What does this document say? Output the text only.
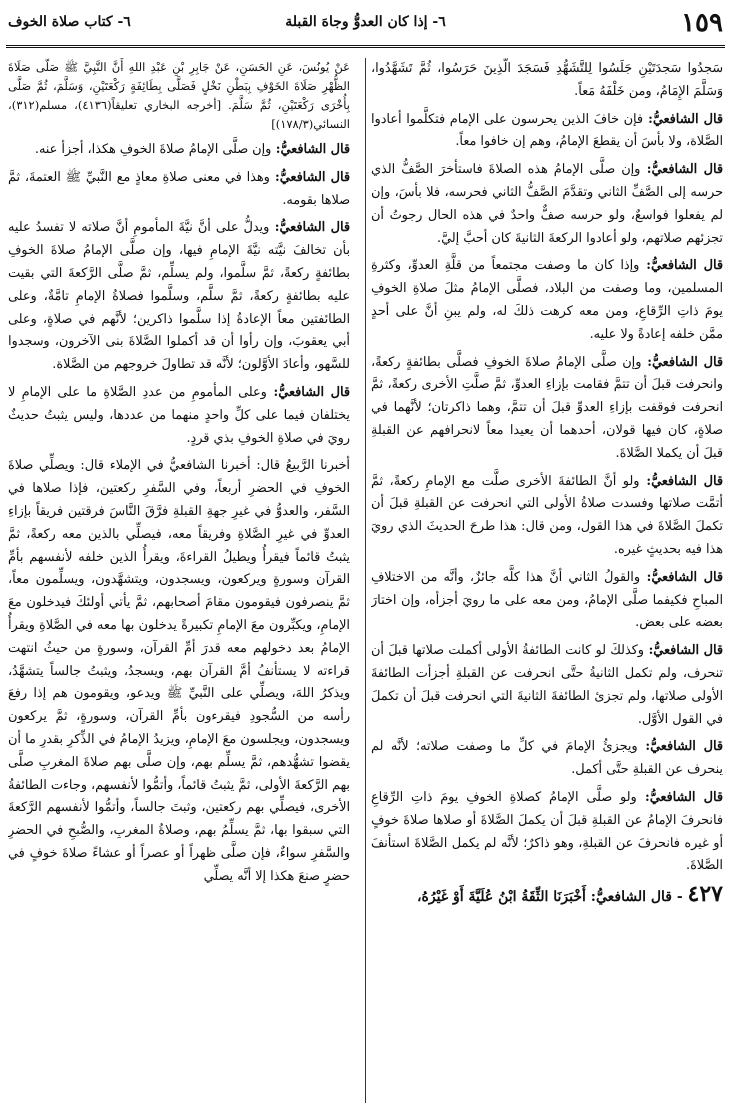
١٥٩
٦- إذا كان العدوُّ وجاهَ القبلة
٦- كتاب صلاة الخوف

سَجدُوا سَجدَتَيْنِ جَلَسُوا لِلتَّشَهُّدِ فَسَجَدَ الَّذِينَ حَرَسُوا، ثُمَّ تَشَهَّدُوا، وَسَلَّمَ الإِمَامُ، ومن خَلْفَهُ مَعاً.

قال الشافعيُّ: فإن خافَ الذين يحرسون على الإمام فتكلَّموا أعادوا الصَّلاة، ولا بأسَ أن يقطعَ الإمامُ، وهم إن خافوا معاً.

قال الشافعيُّ: وإن صلَّى الإمامُ هذه الصلاةَ فاستأخرَ الصَّفُّ الذي حرسه إلى الصَّفِّ الثاني وتقدَّمَ الصَّفُّ الثاني فحرسه، فلا بأسَ، وإن لم يفعلوا فواسعٌ، ولو حرسه صفٌّ واحدٌ في هذه الحال رجوتُ أن تجزئهم صلاتهم، ولو أعادوا الركعةَ الثانيةَ كان أحبَّ إليَّ.

قال الشافعيُّ: وإذا كان ما وصفت مجتمعاً من قلَّةِ العدوِّ، وكثرةِ المسلمين، وما وصفت من البلاد، فصلَّى الإمامُ مثلَ صلاةِ الخوفِ يومَ ذاتِ الرِّقاعِ، ومن معه كرهت ذلكَ له، ولم يبنِ أنَّ على أحدٍ ممَّن خلفه إعادةً ولا عليه.

قال الشافعيُّ: وإن صلَّى الإمامُ صلاةَ الخوفِ فصلَّى بطائفةٍ ركعةً، وانحرفت قبلَ أن تتمَّ فقامت بإزاءِ العدوِّ، ثمَّ صلَّتِ الأخرى ركعةً، ثمَّ انحرفت فوقفت بإزاءِ العدوِّ قبلَ أن تتمَّ، وهما ذاكرتان؛ لأنَّهما في صلاةٍ، كان فيها قولان، أحدهما أن يعيدا معاً لانحرافهم عن القبلةِ قبلَ أن يكملا الصَّلاةَ.

قال الشافعيُّ: ولو أنَّ الطائفةَ الأخرى صلَّت مع الإمامِ ركعةً، ثمَّ أتمَّت صلاتها وفسدت صلاةُ الأولى التي انحرفت عن القبلةِ قبلَ أن تكملَ الصَّلاةَ في هذا القول، ومن قال: هذا طرحَ الحديثَ الذي رويَ هذا فيه بحديثٍ غيره.

قال الشافعيُّ: والقولُ الثاني أنَّ هذا كلَّه جائزٌ، وأنَّه من الاختلافِ المباحِ فكيفما صلَّى الإمامُ، ومن معه على ما رويَ أجزأه، وإن اختارَ بعضه على بعض.

قال الشافعيُّ: وكذلكَ لو كانت الطائفةُ الأولى أكملت صلاتها قبلَ أن تنحرف، ولم تكمل الثانيةُ حتَّى انحرفت عن القبلةِ أجزأت الطائفةَ الأولى صلاتها، ولم تجزئ الطائفةَ الثانيةَ التي انحرفت قبلَ أن تكملَ في القول الأوَّل.

قال الشافعيُّ: ويجزئُ الإمامَ في كلِّ ما وصفت صلاته؛ لأنَّه لم ينحرف عن القبلةِ حتَّى أكمل.

قال الشافعيُّ: ولو صلَّى الإمامُ كصلاةِ الخوفِ يومَ ذاتِ الرِّقاعِ فانحرفَ الإمامُ عن القبلةِ قبلَ أن يكملَ الصَّلاةَ أو صلاها صلاةَ خوفٍ أو غيره فانحرفَ عن القبلةِ، وهو ذاكرٌ؛ لأنَّه لم يكمل الصَّلاةَ استأنفَ الصَّلاةَ.

٤٢٧ - قال الشافعيُّ: أَخْبَرَنَا الثِّقَةُ ابْنُ عُلَيَّةَ أَوْ غَيْرُهُ،

عَنْ يُونُسَ، عَنِ الحَسَنِ، عَنْ جَابِرِ بْنِ عَبْدِ اللهِ أَنَّ النَّبِيَّ ﷺ صَلَّى صَلَاةَ الظُّهْرِ صَلَاةَ الخَوْفِ بِبَطْنِ نَخْلٍ فَصَلَّى بِطَائِفَةٍ رَكْعَتَيْنِ، وَسَلَّمَ، ثُمَّ صَلَّى بِأُخْرَى رَكْعَتَيْنِ، ثُمَّ سَلَّمَ. [أخرجه البخاري تعليقاً(٤١٣٦)، مسلم(٣١٢)، النسائي(١٧٨/٣)]

قال الشافعيُّ: وإن صلَّى الإمامُ صلاةَ الخوفِ هكذا، أجزأ عنه.

قال الشافعيُّ: وهذا في معنى صلاةِ معاذٍ مع النَّبيِّ ﷺ العتمةَ، ثمَّ صلاها بقومه.

قال الشافعيُّ: ويدلُّ على أنَّ نيَّةَ المأمومِ أنَّ صلاته لا تفسدُ عليه بأن تخالفَ نيَّته نيَّةَ الإمامِ فيها، وإن صلَّى الإمامُ صلاةَ الخوفِ بطائفةٍ ركعةً، ثمَّ سلَّموا، ولم يسلِّم، ثمَّ صلَّى الرَّكعةَ التي بقيت عليه بطائفةٍ ركعةً، ثمَّ سلَّم، وسلَّموا فصلاةُ الإمامِ تامَّةٌ، وعلى الطائفتين معاً الإعادةُ إذا سلَّموا ذاكرين؛ لأنَّهم في صلاةٍ، وعلى أبي يعقوبَ، وإن رأوا أن قد أكملوا الصَّلاةَ بنى الآخرون، وسجدوا للسَّهو، وأعادَ الأوَّلون؛ لأنَّه قد تطاولَ خروجهم من الصَّلاة.

قال الشافعيُّ: وعلى المأمومِ من عددِ الصَّلاةِ ما على الإمامِ لا يختلفان فيما على كلِّ واحدٍ منهما من عددها، وليس يثبتُ حديثٌ رويَ في صلاةِ الخوفِ بذي قردٍ.

أخبرنا الرَّبيعُ قال: أخبرنا الشافعيُّ في الإملاء قال: ويصلِّي صلاةَ الخوفِ في الحضرِ أربعاً، وفي السَّفرِ ركعتين، فإذا صلاها في السَّفر، والعدوُّ في غيرِ جهةِ القبلةِ فرَّقَ النَّاسَ فرقتين فريقاً بإزاءِ العدوِّ في غيرِ الصَّلاةِ وفريقاً معه، فيصلِّي بالذين معه ركعةً، ثمَّ يثبتُ قائماً فيقرأُ ويطيلُ القراءةَ، ويقرأُ الذين خلفه لأنفسهم بأمِّ القرآن وسورةٍ ويركعون، ويسجدون، ويتشهَّدون، ويسلِّمون معاً، ثمَّ ينصرفون فيقومون مقامَ أصحابهم، ثمَّ يأتي أولئكَ فيدخلون معَ الإمامِ، ويكبِّرون معَ الإمامِ تكبيرةً يدخلون بها معه في الصَّلاةِ ويقرأُ الإمامُ بعد دخولهم معه قدرَ أمِّ القرآن، وسورةٍ من حيثُ انتهت قراءته لا يستأنفُ أمَّ القرآن بهم، ويسجدُ، ويثبتُ جالساً يتشهَّدُ، ويذكرُ اللهَ، ويصلِّي على النَّبيِّ ﷺ ويدعو، ويقومون هم إذا رفعَ رأسه من السُّجودِ فيقرءون بأمِّ القرآن، وسورةٍ، ثمَّ يركعون ويسجدون، ويجلسون معَ الإمامِ، ويزيدُ الإمامُ في الذِّكرِ بقدرِ ما أن يقضوا تشهُّدهم، ثمَّ يسلِّم بهم، وإن صلَّى بهم صلاةَ المغربِ صلَّى بهم الرَّكعةَ الأولى، ثمَّ يثبتُ قائماً، وأتمُّوا لأنفسهم، وجاءت الطائفةُ الأخرى، فيصلِّي بهم ركعتين، وثبتَ جالساً، وأتمُّوا لأنفسهم الرَّكعةَ التي سبقوا بها، ثمَّ يسلِّمُ بهم، وصلاةُ المغربِ، والصُّبحِ في الحضرِ والسَّفرِ سواءٌ، فإن صلَّى ظهراً أو عصراً أو عشاءً صلاةَ خوفٍ في حضرٍ صنعَ هكذا إلا أنَّه يصلِّي
